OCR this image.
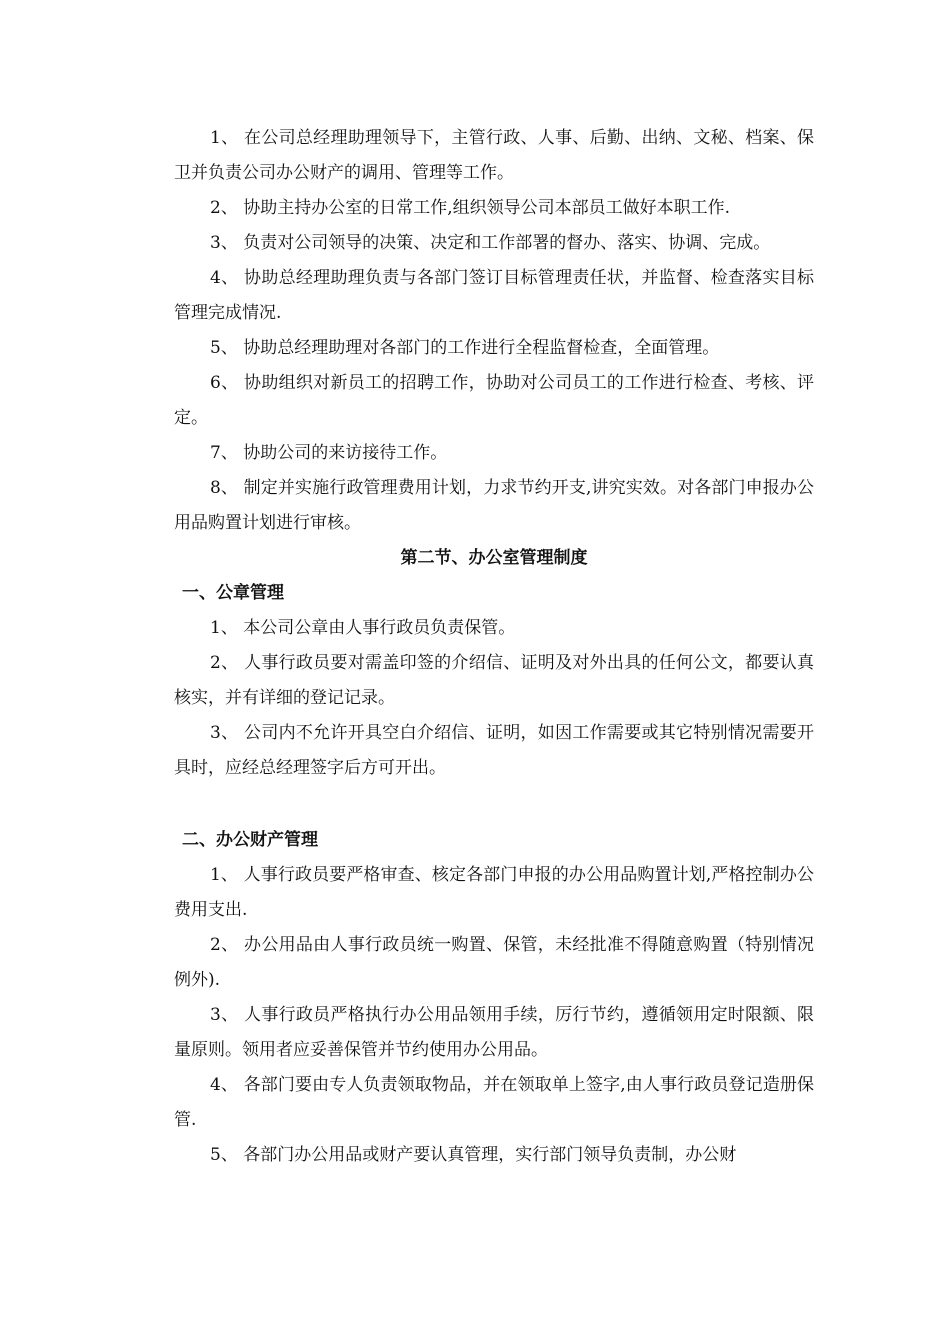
1、 在公司总经理助理领导下，主管行政、人事、后勤、出纳、文秘、档案、保卫并负责公司办公财产的调用、管理等工作。

2、 协助主持办公室的日常工作,组织领导公司本部员工做好本职工作.

3、 负责对公司领导的决策、决定和工作部署的督办、落实、协调、完成。

4、 协助总经理助理负责与各部门签订目标管理责任状，并监督、检查落实目标管理完成情况.

5、 协助总经理助理对各部门的工作进行全程监督检查，全面管理。

6、 协助组织对新员工的招聘工作，协助对公司员工的工作进行检查、考核、评定。

7、 协助公司的来访接待工作。

8、 制定并实施行政管理费用计划，力求节约开支,讲究实效。对各部门申报办公用品购置计划进行审核。

第二节、办公室管理制度

一、公章管理

1、 本公司公章由人事行政员负责保管。

2、 人事行政员要对需盖印签的介绍信、证明及对外出具的任何公文，都要认真核实，并有详细的登记记录。

3、 公司内不允许开具空白介绍信、证明，如因工作需要或其它特别情况需要开具时，应经总经理签字后方可开出。

二、办公财产管理

1、 人事行政员要严格审查、核定各部门申报的办公用品购置计划,严格控制办公费用支出.

2、 办公用品由人事行政员统一购置、保管，未经批准不得随意购置（特别情况例外).

3、 人事行政员严格执行办公用品领用手续，厉行节约，遵循领用定时限额、限量原则。领用者应妥善保管并节约使用办公用品。

4、 各部门要由专人负责领取物品，并在领取单上签字,由人事行政员登记造册保管.

5、 各部门办公用品或财产要认真管理，实行部门领导负责制，办公财
